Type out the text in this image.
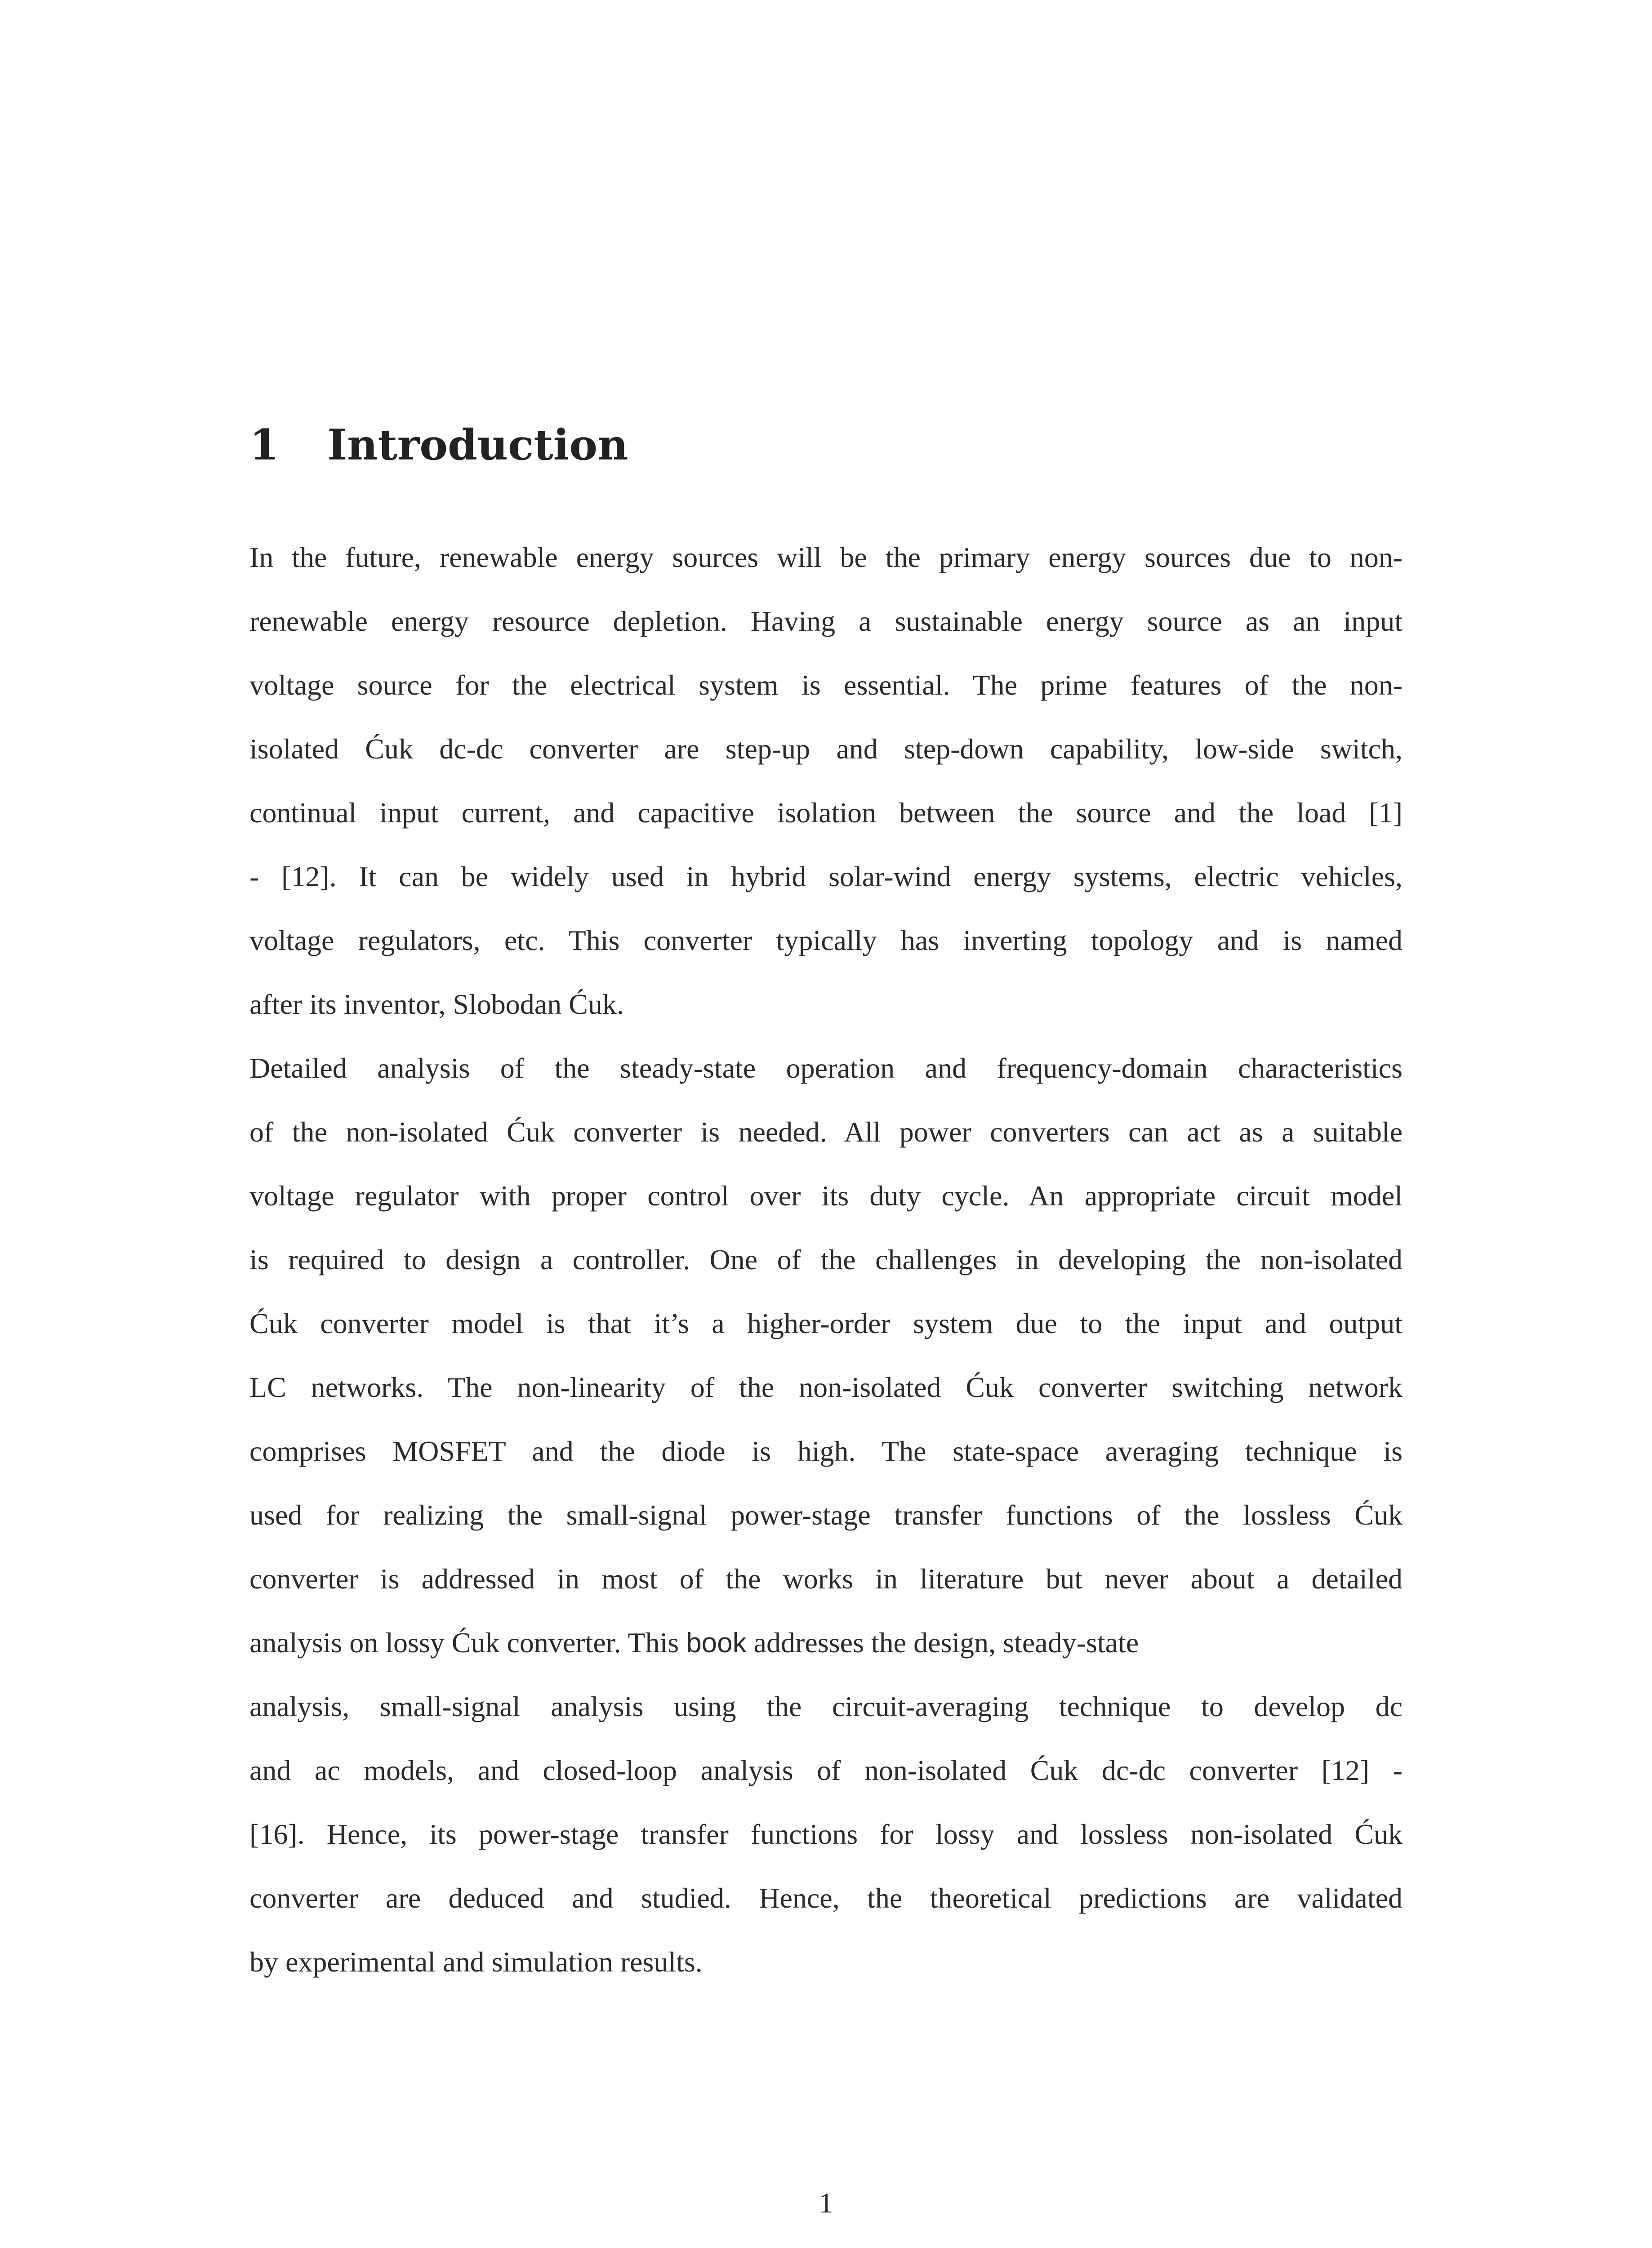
1 Introduction

In the future, renewable energy sources will be the primary energy sources due to non-

renewable energy resource depletion. Having a sustainable energy source as an input

voltage source for the electrical system is essential. The prime features of the non-

isolated Ćuk dc-dc converter are step-up and step-down capability, low-side switch,

continual input current, and capacitive isolation between the source and the load [1]

- [12]. It can be widely used in hybrid solar-wind energy systems, electric vehicles,

voltage regulators, etc. This converter typically has inverting topology and is named

after its inventor, Slobodan Ćuk.

Detailed analysis of the steady-state operation and frequency-domain characteristics

of the non-isolated Ćuk converter is needed. All power converters can act as a suitable

voltage regulator with proper control over its duty cycle. An appropriate circuit model

is required to design a controller. One of the challenges in developing the non-isolated

Ćuk converter model is that it’s a higher-order system due to the input and output

LC networks. The non-linearity of the non-isolated Ćuk converter switching network

comprises MOSFET and the diode is high. The state-space averaging technique is

used for realizing the small-signal power-stage transfer functions of the lossless Ćuk

converter is addressed in most of the works in literature but never about a detailed

analysis on lossy Ćuk converter. This book addresses the design, steady-state

analysis, small-signal analysis using the circuit-averaging technique to develop dc

and ac models, and closed-loop analysis of non-isolated Ćuk dc-dc converter [12] -

[16]. Hence, its power-stage transfer functions for lossy and lossless non-isolated Ćuk

converter are deduced and studied. Hence, the theoretical predictions are validated

by experimental and simulation results.

1
